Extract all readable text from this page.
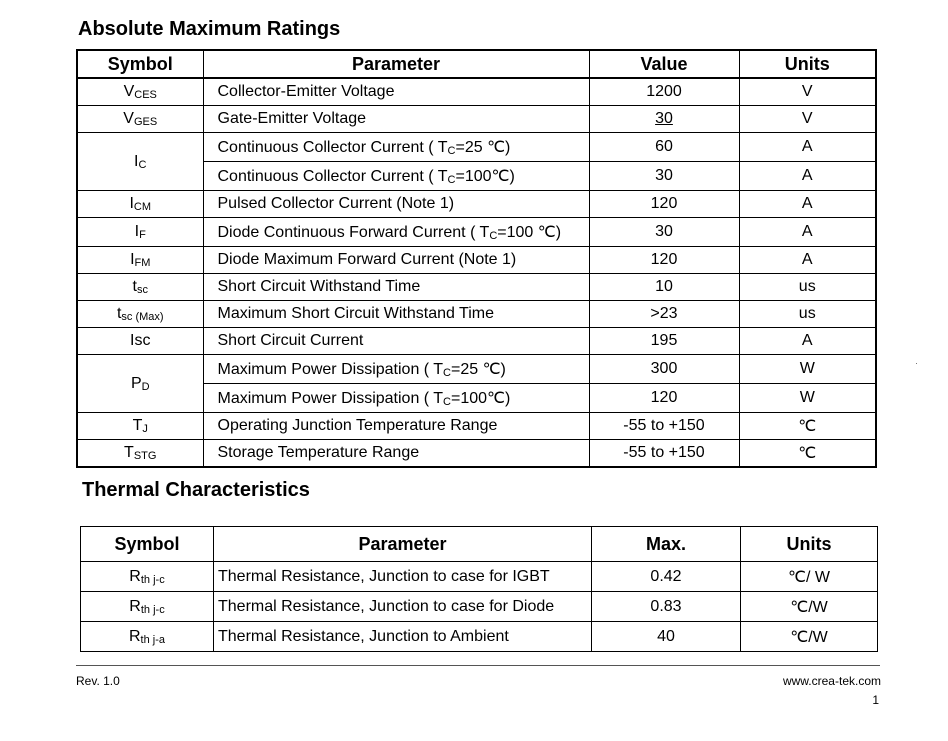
Absolute Maximum Ratings
Symbol	Parameter	Value	Units
VCES	Collector-Emitter Voltage	1200	V
VGES	Gate-Emitter Voltage	30	V
IC	Continuous Collector Current ( TC=25 ℃)	60	A
	Continuous Collector Current ( TC=100℃)	30	A
ICM	Pulsed Collector Current (Note 1)	120	A
IF	Diode Continuous Forward Current ( TC=100 ℃)	30	A
IFM	Diode Maximum Forward Current (Note 1)	120	A
tsc	Short Circuit Withstand Time	10	us
tsc (Max)	Maximum Short Circuit Withstand Time	>23	us
Isc	Short Circuit Current	195	A
PD	Maximum Power Dissipation ( TC=25 ℃)	300	W
	Maximum Power Dissipation ( TC=100℃)	120	W
TJ	Operating Junction Temperature Range	-55 to +150	℃
TSTG	Storage Temperature Range	-55 to +150	℃
Thermal Characteristics
Symbol	Parameter	Max.	Units
Rth j-c	Thermal Resistance, Junction to case for IGBT	0.42	℃/ W
Rth j-c	Thermal Resistance, Junction to case for Diode	0.83	℃/W
Rth j-a	Thermal Resistance, Junction to Ambient	40	℃/W
Rev. 1.0	www.crea-tek.com
1
